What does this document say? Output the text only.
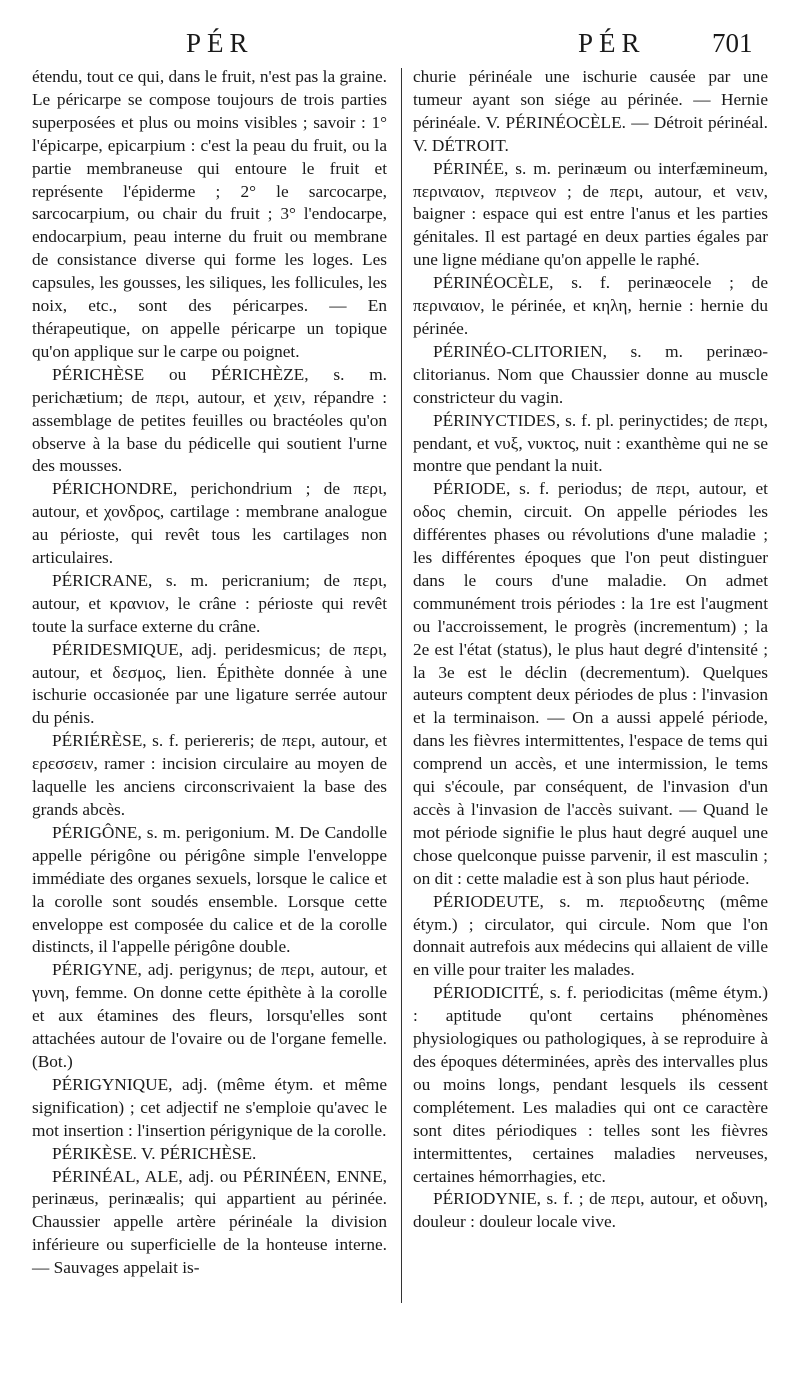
PÉR	PÉR 701

étendu, tout ce qui, dans le fruit, n'est pas la graine. Le péricarpe se compose toujours de trois parties superposées et plus ou moins visibles ; savoir : 1° l'épicarpe, epicarpium : c'est la peau du fruit, ou la partie membraneuse qui entoure le fruit et représente l'épiderme ; 2° le sarcocarpe, sarcocarpium, ou chair du fruit ; 3° l'endocarpe, endocarpium, peau interne du fruit ou membrane de consistance diverse qui forme les loges. Les capsules, les gousses, les siliques, les follicules, les noix, etc., sont des péricarpes. — En thérapeutique, on appelle péricarpe un topique qu'on applique sur le carpe ou poignet.

PÉRICHÈSE ou PÉRICHÈZE, s. m. perichætium; de περι, autour, et χειν, répandre : assemblage de petites feuilles ou bractéoles qu'on observe à la base du pédicelle qui soutient l'urne des mousses.

PÉRICHONDRE, perichondrium ; de περι, autour, et χονδρος, cartilage : membrane analogue au périoste, qui revêt tous les cartilages non articulaires.

PÉRICRANE, s. m. pericranium; de περι, autour, et κρανιον, le crâne : périoste qui revêt toute la surface externe du crâne.

PÉRIDESMIQUE, adj. peridesmicus; de περι, autour, et δεσμος, lien. Épithète donnée à une ischurie occasionée par une ligature serrée autour du pénis.

PÉRIÉRÈSE, s. f. periereris; de περι, autour, et ερεσσειν, ramer : incision circulaire au moyen de laquelle les anciens circonscrivaient la base des grands abcès.

PÉRIGÔNE, s. m. perigonium. M. De Candolle appelle périgône ou périgône simple l'enveloppe immédiate des organes sexuels, lorsque le calice et la corolle sont soudés ensemble. Lorsque cette enveloppe est composée du calice et de la corolle distincts, il l'appelle périgône double.

PÉRIGYNE, adj. perigynus; de περι, autour, et γυνη, femme. On donne cette épithète à la corolle et aux étamines des fleurs, lorsqu'elles sont attachées autour de l'ovaire ou de l'organe femelle. (Bot.)

PÉRIGYNIQUE, adj. (même étym. et même signification) ; cet adjectif ne s'emploie qu'avec le mot insertion : l'insertion périgynique de la corolle.

PÉRIKÈSE. V. PÉRICHÈSE.

PÉRINÉAL, ALE, adj. ou PÉRINÉEN, ENNE, perinæus, perinæalis; qui appartient au périnée. Chaussier appelle artère périnéale la division inférieure ou superficielle de la honteuse interne. — Sauvages appelait is-

churie périnéale une ischurie causée par une tumeur ayant son siége au périnée. — Hernie périnéale. V. PÉRINÉOCÈLE. — Détroit périnéal. V. DÉTROIT.

PÉRINÉE, s. m. perinæum ou interfæmineum, περιναιον, περινεον ; de περι, autour, et νειν, baigner : espace qui est entre l'anus et les parties génitales. Il est partagé en deux parties égales par une ligne médiane qu'on appelle le raphé.

PÉRINÉOCÈLE, s. f. perinæocele ; de περιναιον, le périnée, et κηλη, hernie : hernie du périnée.

PÉRINÉO-CLITORIEN, s. m. perinæo-clitorianus. Nom que Chaussier donne au muscle constricteur du vagin.

PÉRINYCTIDES, s. f. pl. perinyctides; de περι, pendant, et νυξ, νυκτος, nuit : exanthème qui ne se montre que pendant la nuit.

PÉRIODE, s. f. periodus; de περι, autour, et οδος chemin, circuit. On appelle périodes les différentes phases ou révolutions d'une maladie ; les différentes époques que l'on peut distinguer dans le cours d'une maladie. On admet communément trois périodes : la 1re est l'augment ou l'accroissement, le progrès (incrementum) ; la 2e est l'état (status), le plus haut degré d'intensité ; la 3e est le déclin (decrementum). Quelques auteurs comptent deux périodes de plus : l'invasion et la terminaison. — On a aussi appelé période, dans les fièvres intermittentes, l'espace de tems qui comprend un accès, et une intermission, le tems qui s'écoule, par conséquent, de l'invasion d'un accès à l'invasion de l'accès suivant. — Quand le mot période signifie le plus haut degré auquel une chose quelconque puisse parvenir, il est masculin ; on dit : cette maladie est à son plus haut période.

PÉRIODEUTE, s. m. περιοδευτης (même étym.) ; circulator, qui circule. Nom que l'on donnait autrefois aux médecins qui allaient de ville en ville pour traiter les malades.

PÉRIODICITÉ, s. f. periodicitas (même étym.) : aptitude qu'ont certains phénomènes physiologiques ou pathologiques, à se reproduire à des époques déterminées, après des intervalles plus ou moins longs, pendant lesquels ils cessent complétement. Les maladies qui ont ce caractère sont dites périodiques : telles sont les fièvres intermittentes, certaines maladies nerveuses, certaines hémorrhagies, etc.

PÉRIODYNIE, s. f. ; de περι, autour, et οδυνη, douleur : douleur locale vive.
